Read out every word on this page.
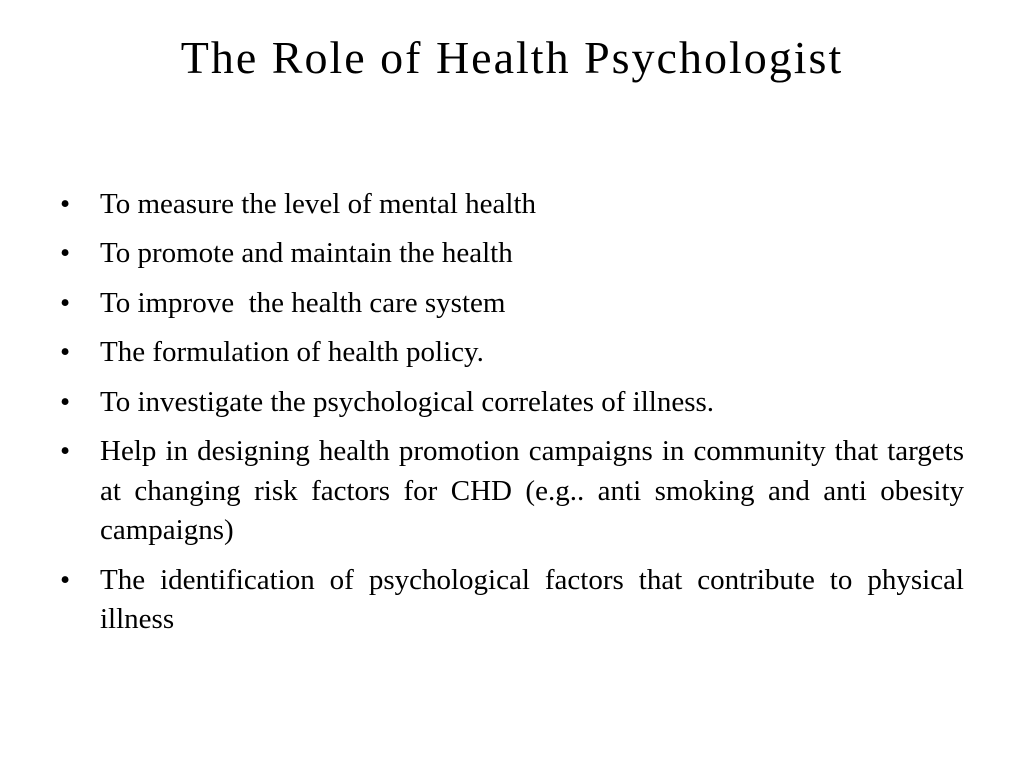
The Role of Health Psychologist
•	To measure the level of mental health
•	To promote and maintain the health
•	To improve  the health care system
•	The formulation of health policy.
•	To investigate the psychological correlates of illness.
•	Help in designing health promotion campaigns in community that targets at changing risk factors for CHD (e.g.. anti smoking and anti obesity campaigns)
•	The identification of psychological factors that contribute to physical illness
